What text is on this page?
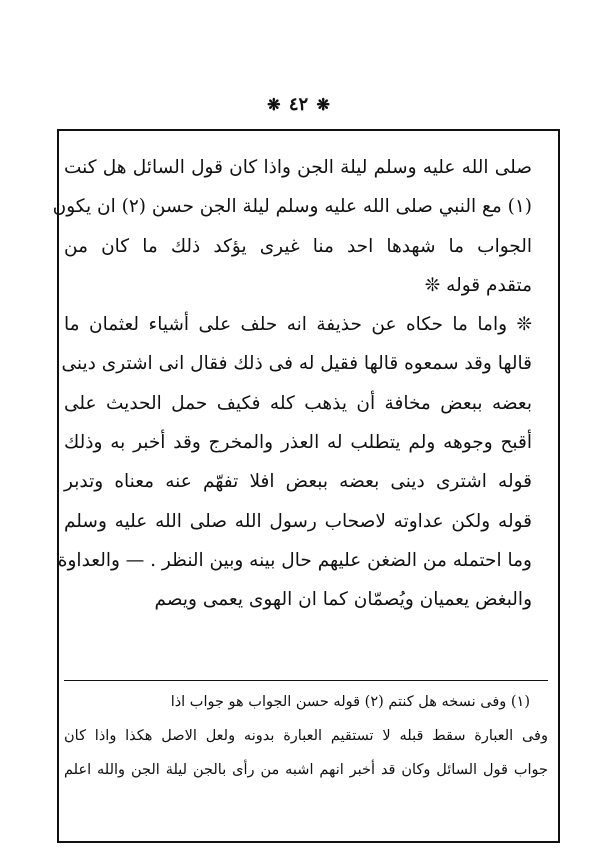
❋ ٤٢ ❋
صلى الله عليه وسلم ليلة الجن واذا كان قول السائل هل كنت
(١) مع النبي صلى الله عليه وسلم ليلة الجن حسن (٢) ان يكون
الجواب ما شهدها احد منا غيرى يؤكد ذلك ما كان من
متقدم قوله ❊
❊ واما ما حكاه عن حذيفة انه حلف على أشياء لعثمان ما
قالها وقد سمعوه قالها فقيل له فى ذلك فقال انى اشترى دينى
بعضه ببعض مخافة أن يذهب كله فكيف حمل الحديث على
أقبح وجوهه ولم يتطلب له العذر والمخرج وقد أخبر به وذلك
قوله اشترى دينى بعضه ببعض افلا تفهّم عنه معناه وتدبر
قوله ولكن عداوته لاصحاب رسول الله صلى الله عليه وسلم
وما احتمله من الضغن عليهم حال بينه وبين النظر . — والعداوة
والبغض يعميان ويُصمّان كما ان الهوى يعمى ويصم
(١) وفى نسخه هل كنتم (٢) قوله حسن الجواب هو جواب اذا
وفى العبارة سقط قبله لا تستقيم العبارة بدونه ولعل الاصل هكذا واذا كان
جواب قول السائل وكان قد أخبر انهم اشبه من رأى بالجن ليلة الجن والله اعلم
